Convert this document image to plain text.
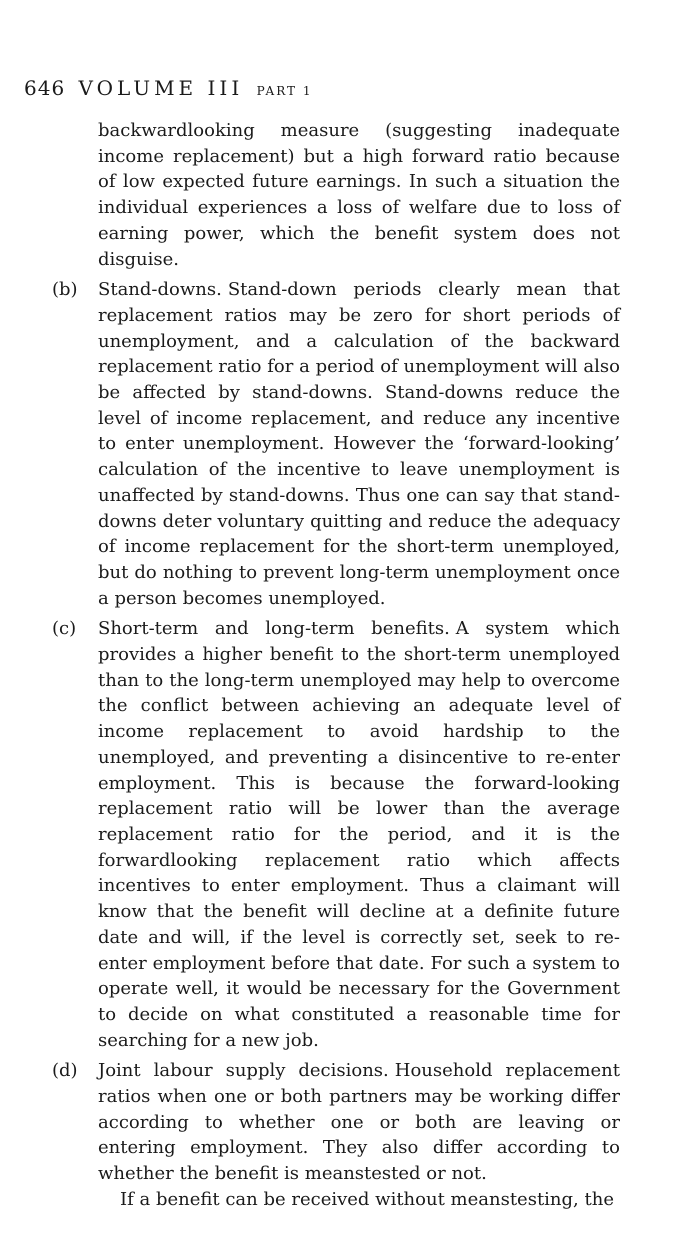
646 VOLUME III PART 1

backwardlooking measure (suggesting inadequate income replacement) but a high forward ratio because of low expected future earnings. In such a situation the individual experiences a loss of welfare due to loss of earning power, which the benefit system does not disguise.

(b) Stand-downs. Stand-down periods clearly mean that replacement ratios may be zero for short periods of unemployment, and a calculation of the backward replacement ratio for a period of unemployment will also be affected by stand-downs. Stand-downs reduce the level of income replacement, and reduce any incentive to enter unemployment. However the ‘forward-looking’ calculation of the incentive to leave unemployment is unaffected by stand-downs. Thus one can say that stand-downs deter voluntary quitting and reduce the adequacy of income replacement for the short-term unemployed, but do nothing to prevent long-term unemployment once a person becomes unemployed.

(c) Short-term and long-term benefits. A system which provides a higher benefit to the short-term unemployed than to the long-term unemployed may help to overcome the conflict between achieving an adequate level of income replacement to avoid hardship to the unemployed, and preventing a disincentive to re-enter employment. This is because the forward-looking replacement ratio will be lower than the average replacement ratio for the period, and it is the forwardlooking replacement ratio which affects incentives to enter employment. Thus a claimant will know that the benefit will decline at a definite future date and will, if the level is correctly set, seek to re-enter employment before that date. For such a system to operate well, it would be necessary for the Government to decide on what constituted a reasonable time for searching for a new job.

(d) Joint labour supply decisions. Household replacement ratios when one or both partners may be working differ according to whether one or both are leaving or entering employment. They also differ according to whether the benefit is meanstested or not.

If a benefit can be received without meanstesting, the
